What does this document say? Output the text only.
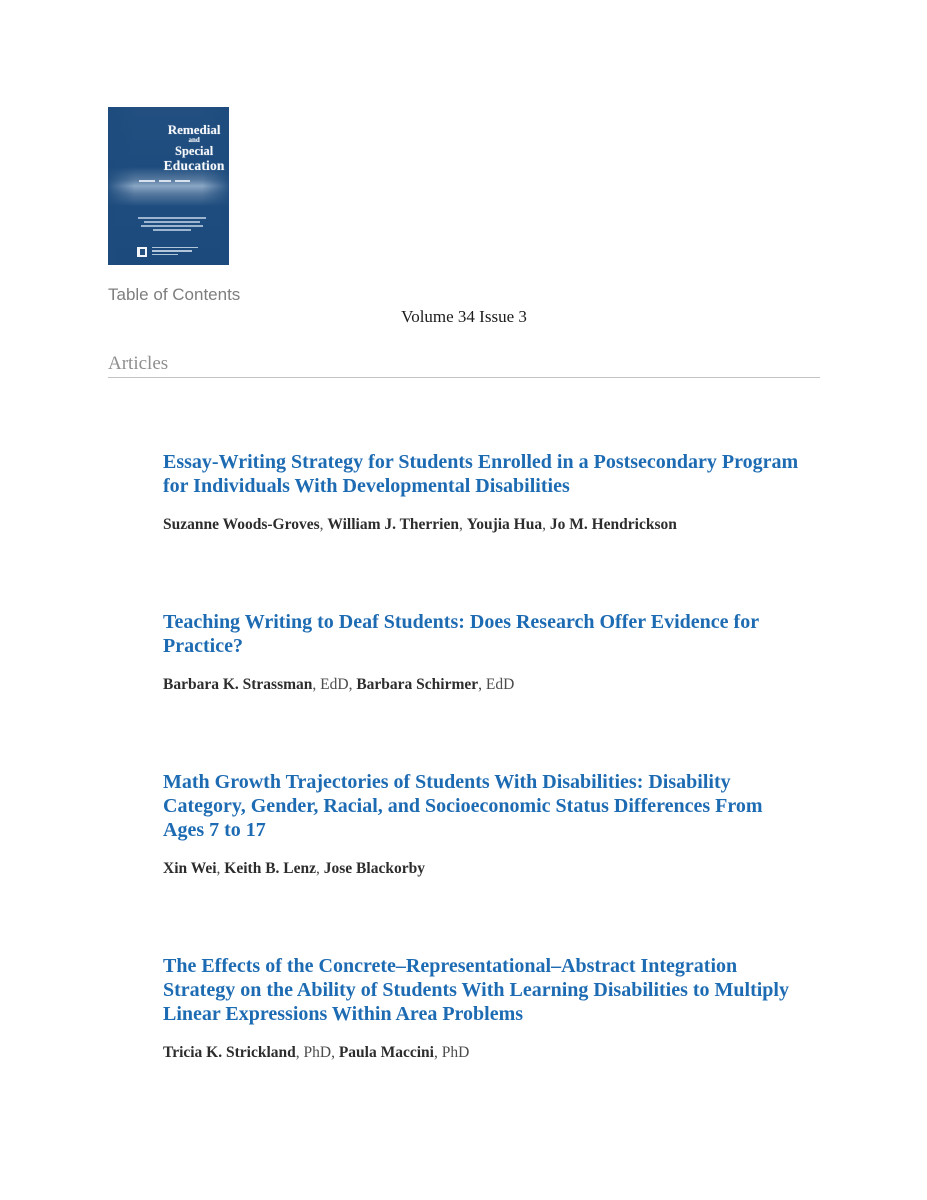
Remedial
and
Special
Education
Table of Contents
Volume 34 Issue 3
Articles
Essay-Writing Strategy for Students Enrolled in a Postsecondary Program
for Individuals With Developmental Disabilities
Suzanne Woods-Groves, William J. Therrien, Youjia Hua, Jo M. Hendrickson
Teaching Writing to Deaf Students: Does Research Offer Evidence for
Practice?
Barbara K. Strassman, EdD, Barbara Schirmer, EdD
Math Growth Trajectories of Students With Disabilities: Disability
Category, Gender, Racial, and Socioeconomic Status Differences From
Ages 7 to 17
Xin Wei, Keith B. Lenz, Jose Blackorby
The Effects of the Concrete–Representational–Abstract Integration
Strategy on the Ability of Students With Learning Disabilities to Multiply
Linear Expressions Within Area Problems
Tricia K. Strickland, PhD, Paula Maccini, PhD
